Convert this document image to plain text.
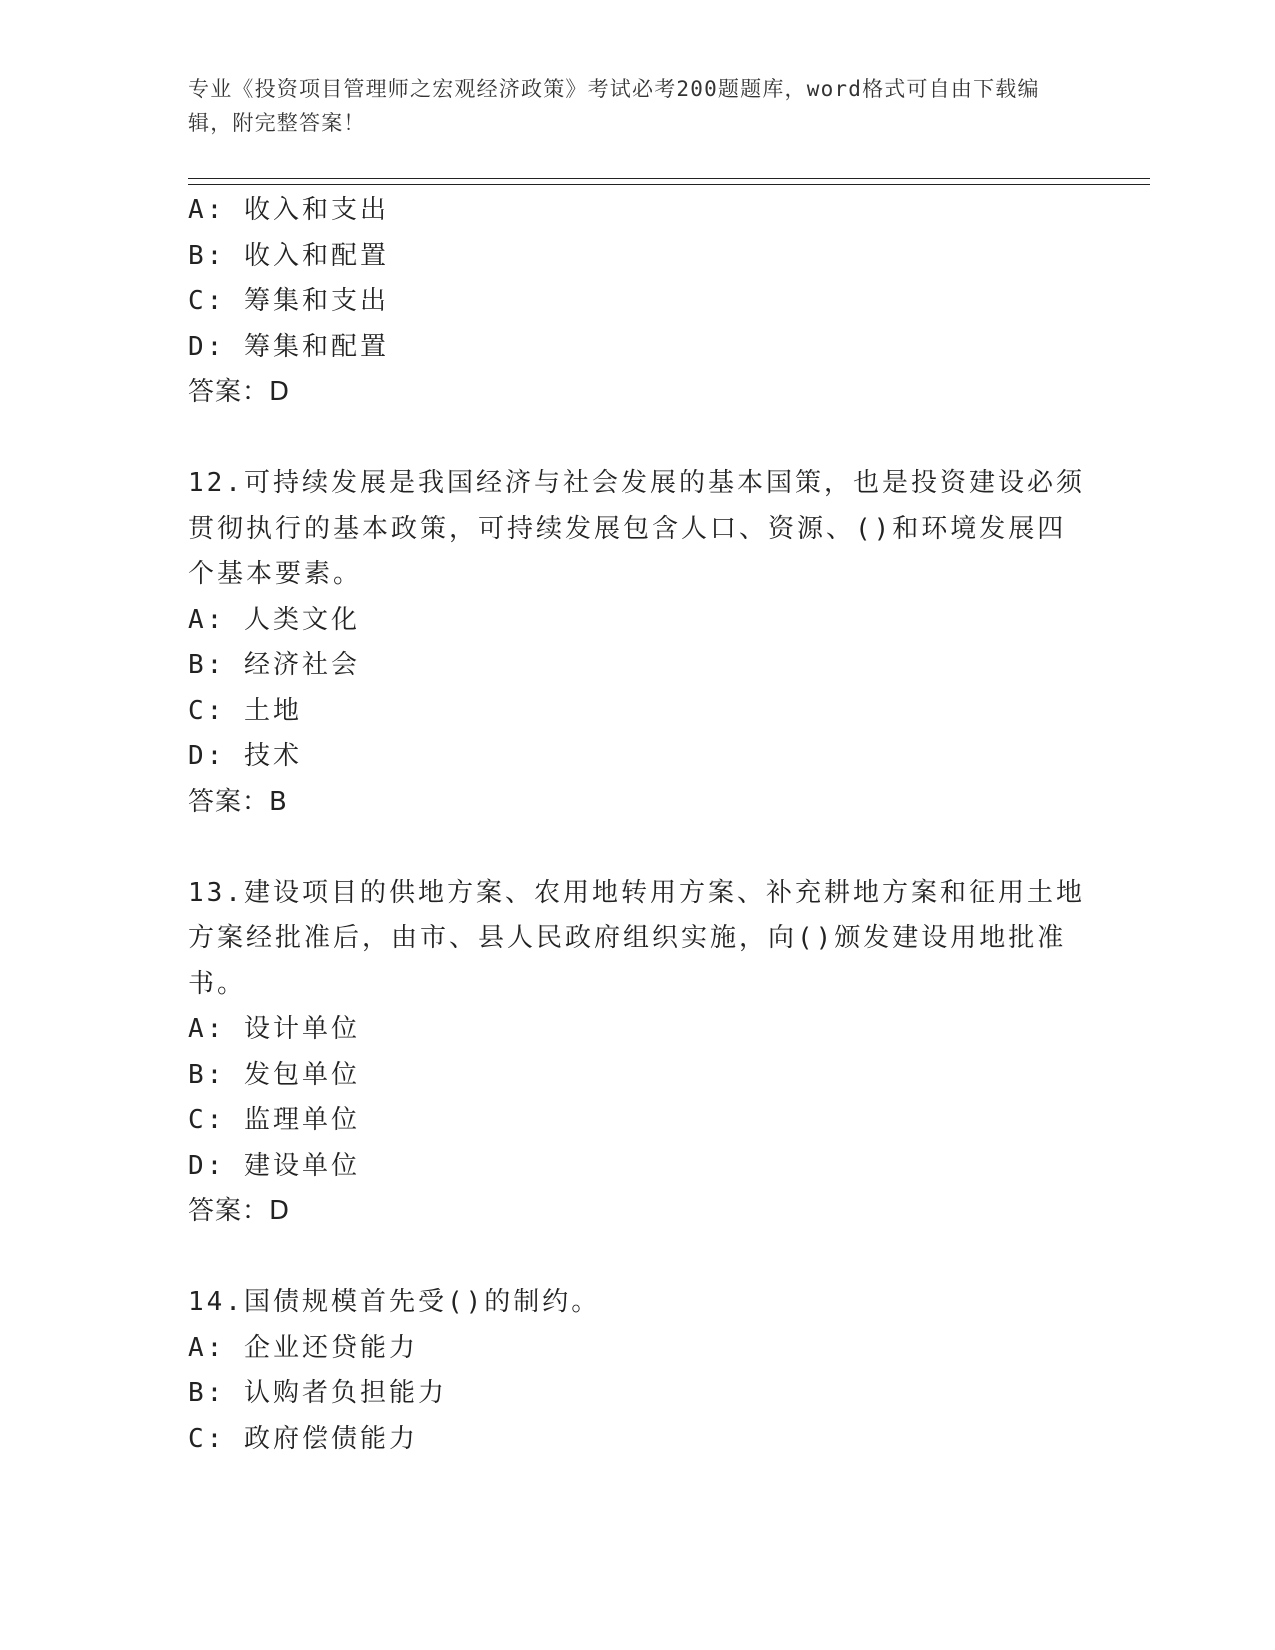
专业《投资项目管理师之宏观经济政策》考试必考200题题库，word格式可自由下载编辑，附完整答案！
A: 收入和支出
B: 收入和配置
C: 筹集和支出
D: 筹集和配置
答案：D
12.可持续发展是我国经济与社会发展的基本国策，也是投资建设必须
贯彻执行的基本政策，可持续发展包含人口、资源、()和环境发展四
个基本要素。
A: 人类文化
B: 经济社会
C: 土地
D: 技术
答案：B
13.建设项目的供地方案、农用地转用方案、补充耕地方案和征用土地
方案经批准后，由市、县人民政府组织实施，向()颁发建设用地批准
书。
A: 设计单位
B: 发包单位
C: 监理单位
D: 建设单位
答案：D
14.国债规模首先受()的制约。
A: 企业还贷能力
B: 认购者负担能力
C: 政府偿债能力
